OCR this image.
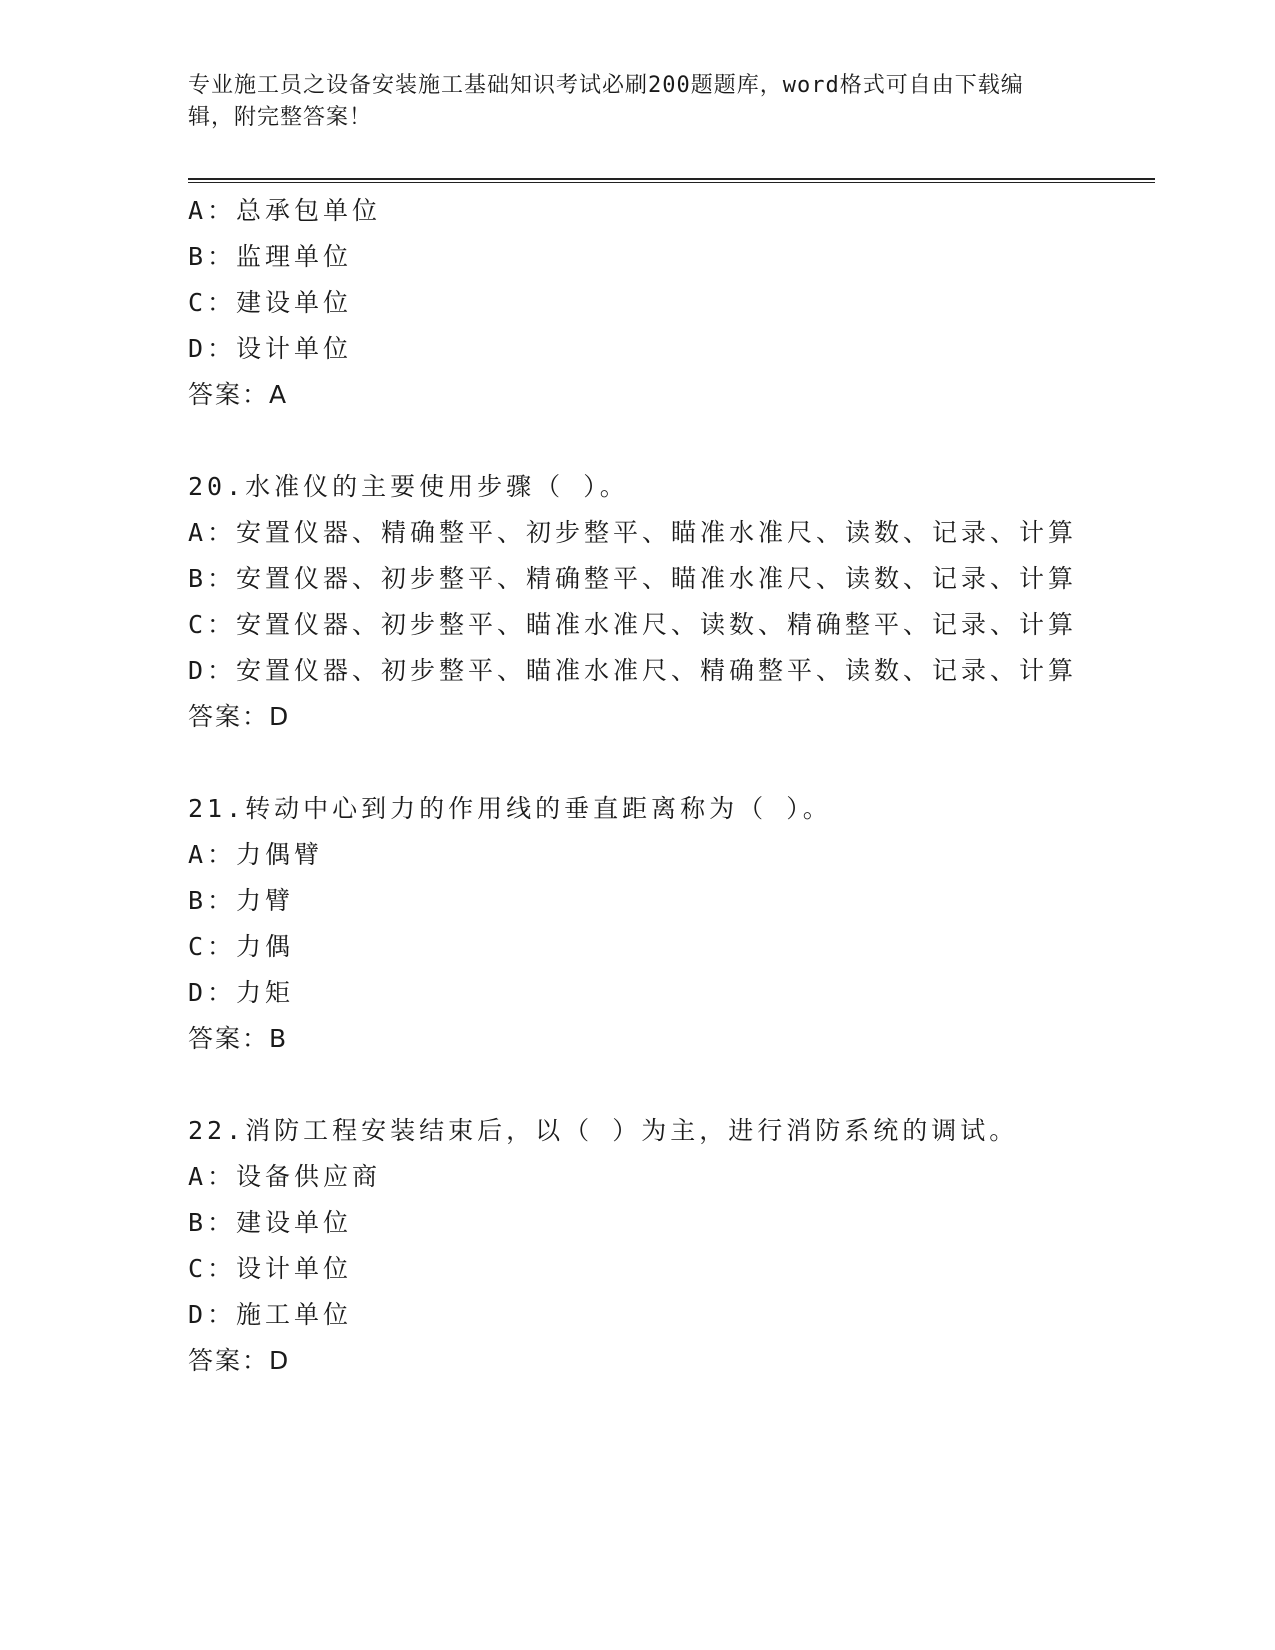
专业施工员之设备安装施工基础知识考试必刷200题题库，word格式可自由下载编辑，附完整答案！
A：总承包单位
B：监理单位
C：建设单位
D：设计单位
答案：A
20.水准仪的主要使用步骤（ ）。
A：安置仪器、精确整平、初步整平、瞄准水准尺、读数、记录、计算
B：安置仪器、初步整平、精确整平、瞄准水准尺、读数、记录、计算
C：安置仪器、初步整平、瞄准水准尺、读数、精确整平、记录、计算
D：安置仪器、初步整平、瞄准水准尺、精确整平、读数、记录、计算
答案：D
21.转动中心到力的作用线的垂直距离称为（ ）。
A：力偶臂
B：力臂
C：力偶
D：力矩
答案：B
22.消防工程安装结束后，以（ ）为主，进行消防系统的调试。
A：设备供应商
B：建设单位
C：设计单位
D：施工单位
答案：D
